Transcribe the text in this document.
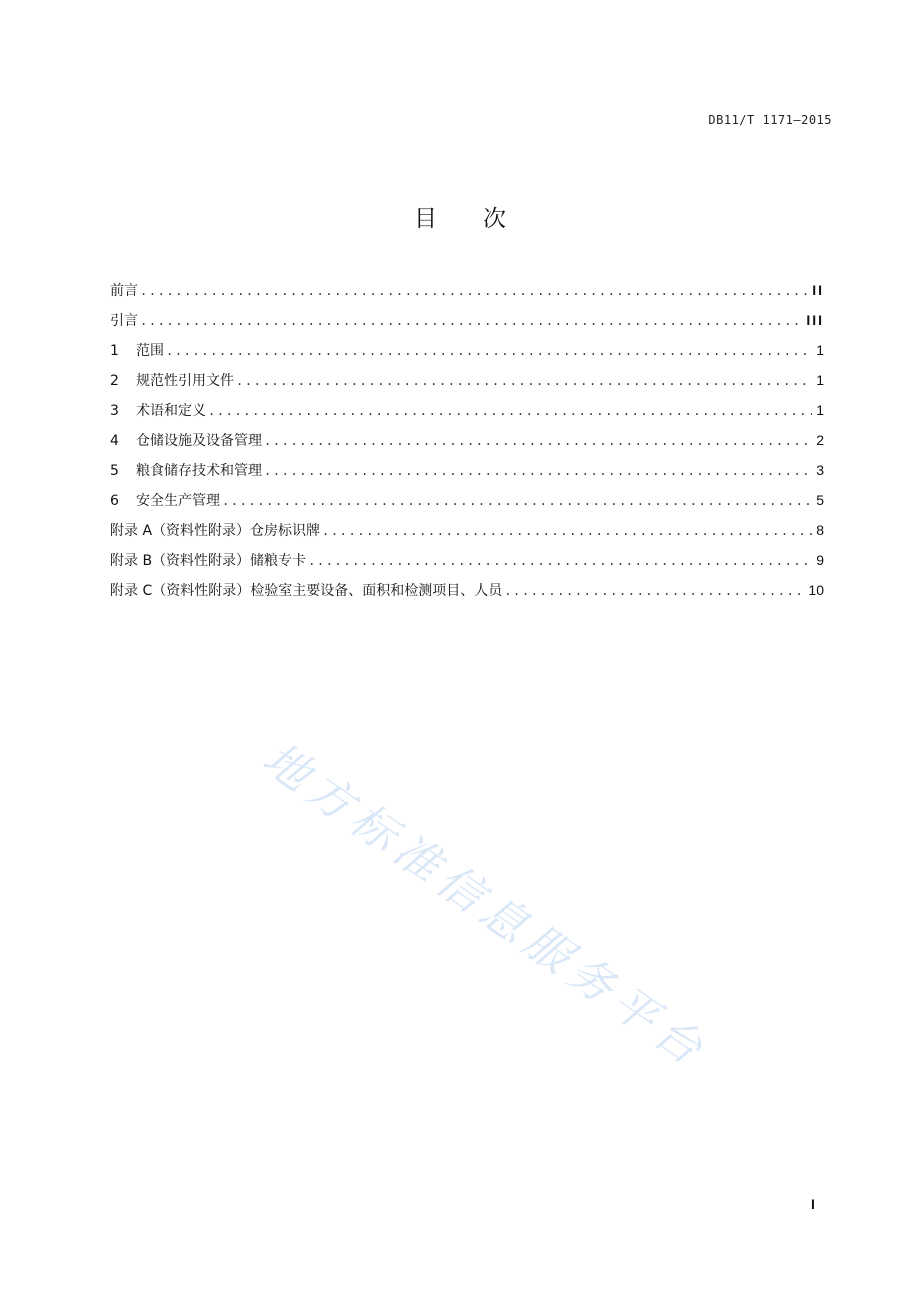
DB11/T 1171—2015
目次
前言 .....	II
引言 .....	III
1	范围 .....	1
2	规范性引用文件 .....	1
3	术语和定义 .....	1
4	仓储设施及设备管理 .....	2
5	粮食储存技术和管理 .....	3
6	安全生产管理 .....	5
附录 A（资料性附录）仓房标识牌 .....	8
附录 B（资料性附录）储粮专卡 .....	9
附录 C（资料性附录）检验室主要设备、面积和检测项目、人员 .....	10
地方标准信息服务平台
I
